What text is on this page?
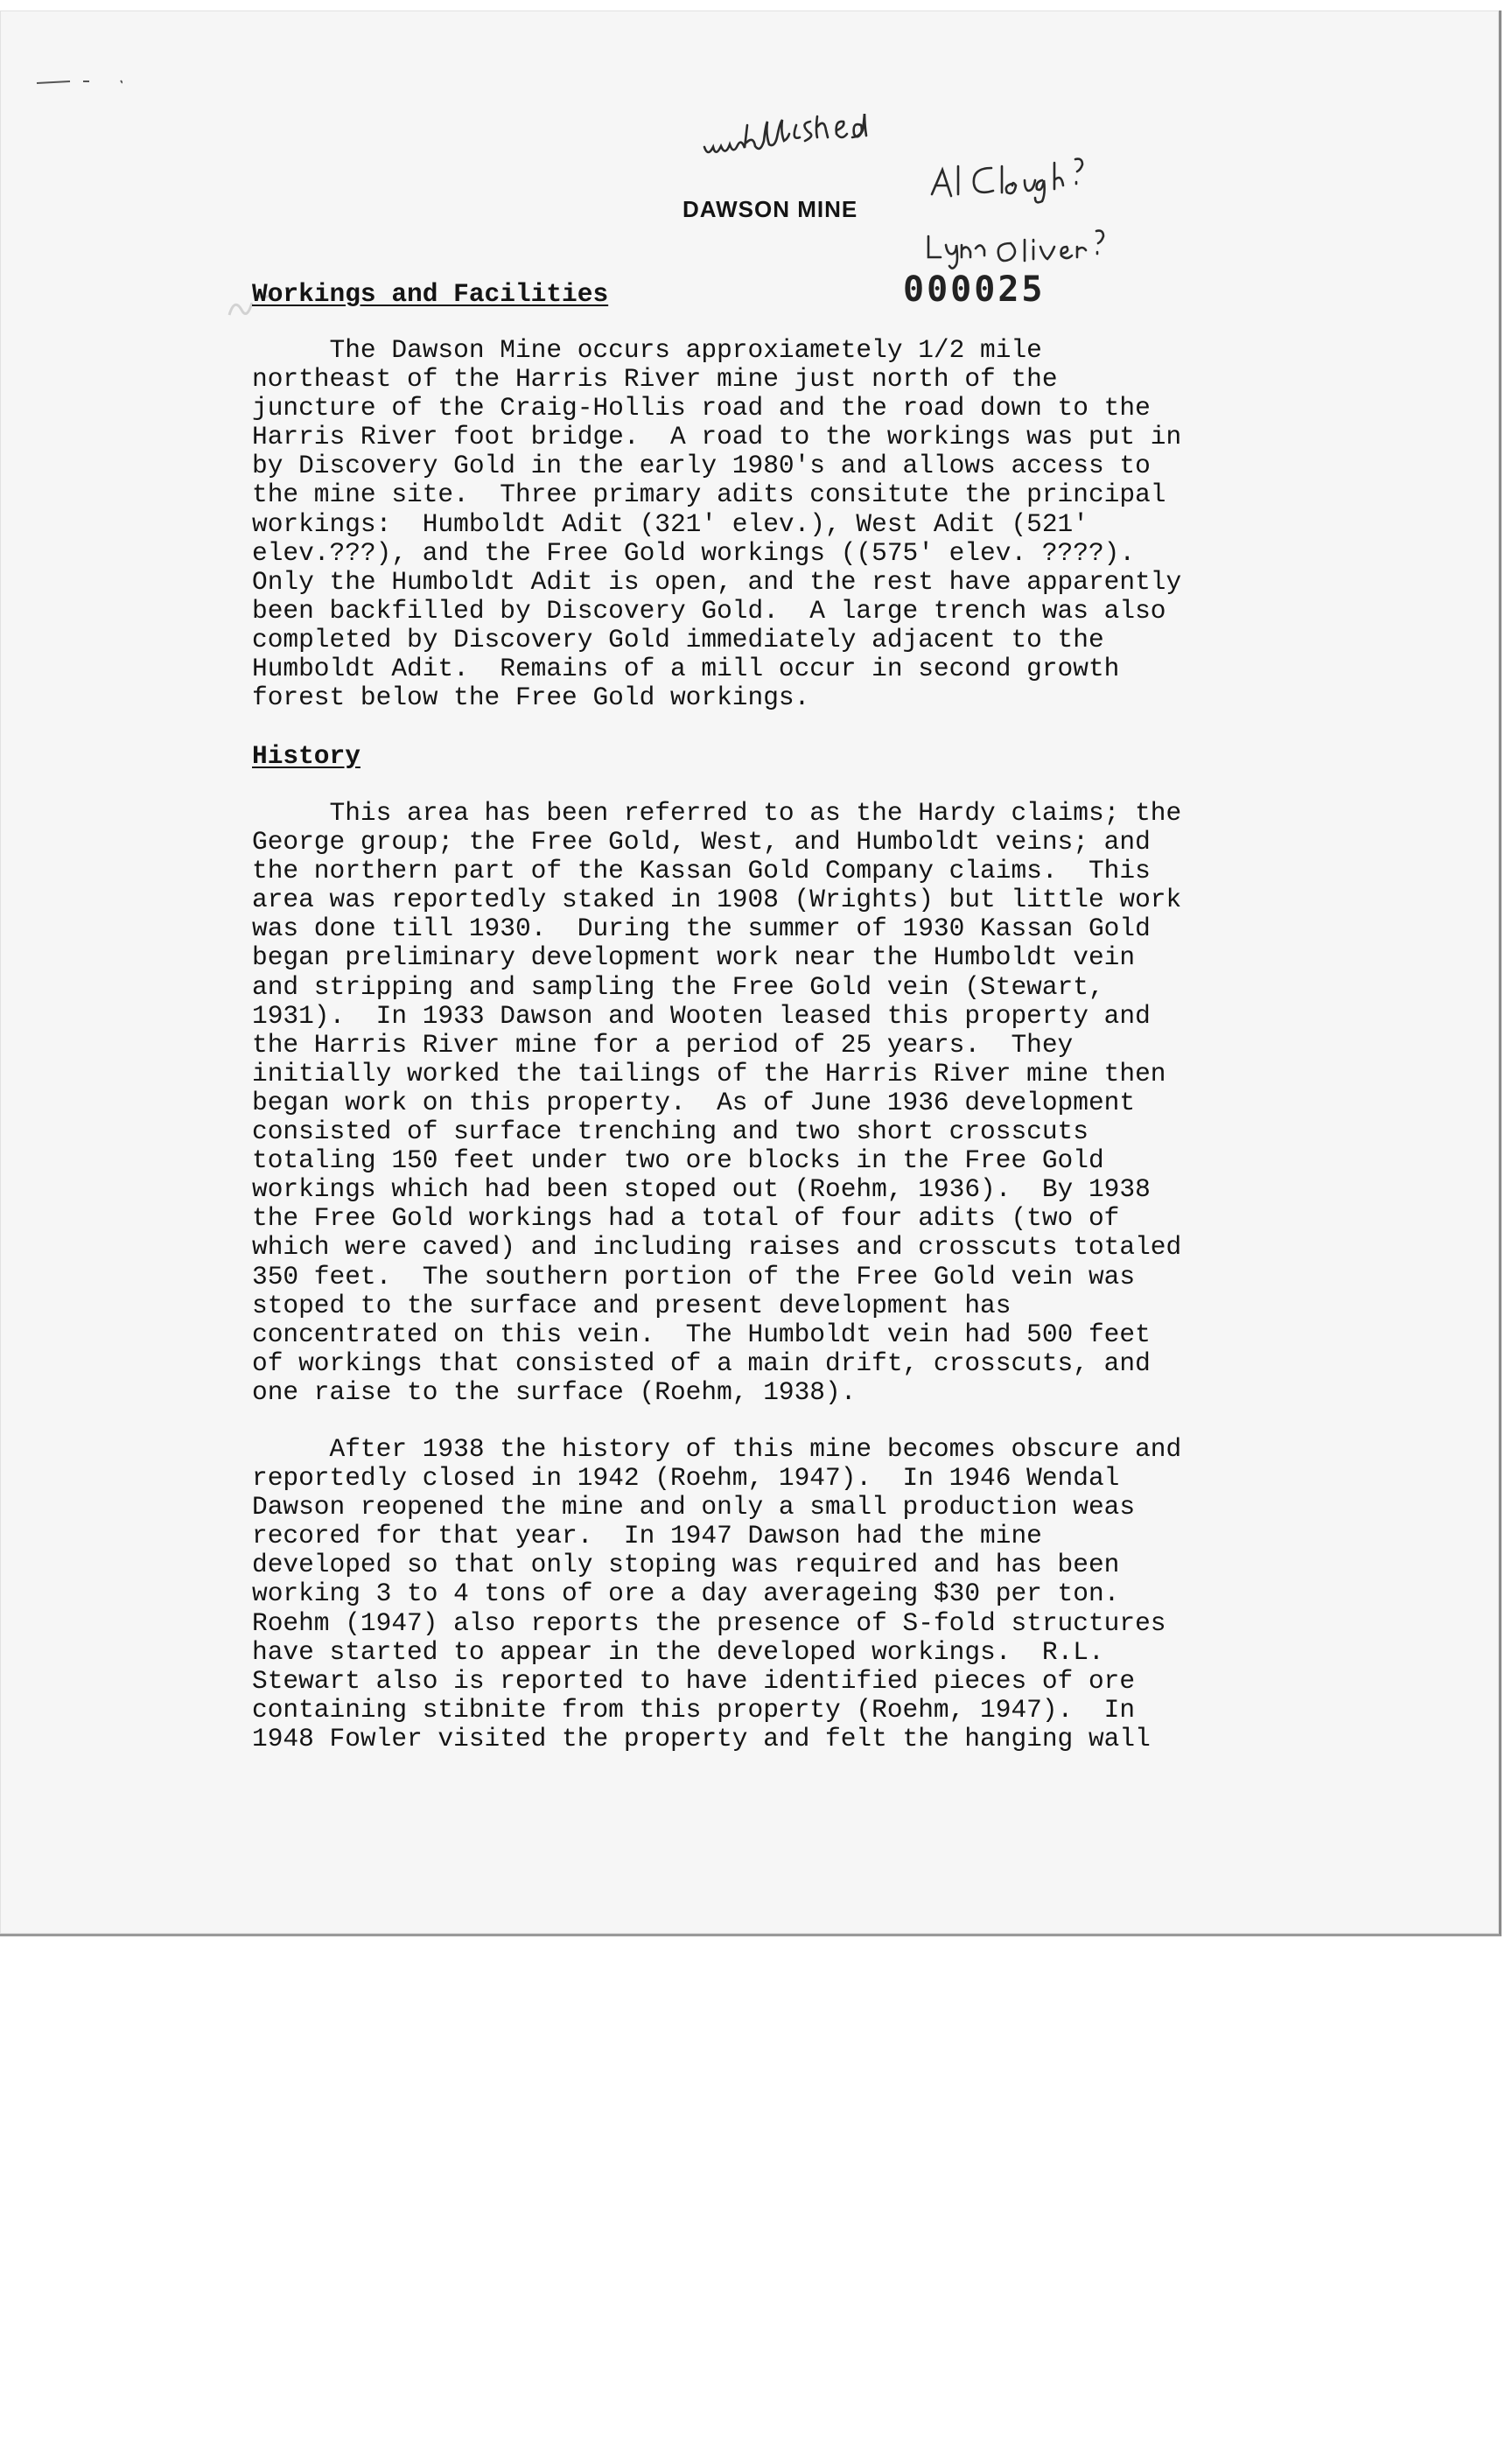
DAWSON MINE
000025
Workings and Facilities
The Dawson Mine occurs approxiametely 1/2 mile
northeast of the Harris River mine just north of the
juncture of the Craig-Hollis road and the road down to the
Harris River foot bridge.  A road to the workings was put in
by Discovery Gold in the early 1980's and allows access to
the mine site.  Three primary adits consitute the principal
workings:  Humboldt Adit (321' elev.), West Adit (521'
elev.???), and the Free Gold workings ((575' elev. ????).
Only the Humboldt Adit is open, and the rest have apparently
been backfilled by Discovery Gold.  A large trench was also
completed by Discovery Gold immediately adjacent to the
Humboldt Adit.  Remains of a mill occur in second growth
forest below the Free Gold workings.
History
This area has been referred to as the Hardy claims; the
George group; the Free Gold, West, and Humboldt veins; and
the northern part of the Kassan Gold Company claims.  This
area was reportedly staked in 1908 (Wrights) but little work
was done till 1930.  During the summer of 1930 Kassan Gold
began preliminary development work near the Humboldt vein
and stripping and sampling the Free Gold vein (Stewart,
1931).  In 1933 Dawson and Wooten leased this property and
the Harris River mine for a period of 25 years.  They
initially worked the tailings of the Harris River mine then
began work on this property.  As of June 1936 development
consisted of surface trenching and two short crosscuts
totaling 150 feet under two ore blocks in the Free Gold
workings which had been stoped out (Roehm, 1936).  By 1938
the Free Gold workings had a total of four adits (two of
which were caved) and including raises and crosscuts totaled
350 feet.  The southern portion of the Free Gold vein was
stoped to the surface and present development has
concentrated on this vein.  The Humboldt vein had 500 feet
of workings that consisted of a main drift, crosscuts, and
one raise to the surface (Roehm, 1938).
After 1938 the history of this mine becomes obscure and
reportedly closed in 1942 (Roehm, 1947).  In 1946 Wendal
Dawson reopened the mine and only a small production weas
recored for that year.  In 1947 Dawson had the mine
developed so that only stoping was required and has been
working 3 to 4 tons of ore a day averageing $30 per ton.
Roehm (1947) also reports the presence of S-fold structures
have started to appear in the developed workings.  R.L.
Stewart also is reported to have identified pieces of ore
containing stibnite from this property (Roehm, 1947).  In
1948 Fowler visited the property and felt the hanging wall
